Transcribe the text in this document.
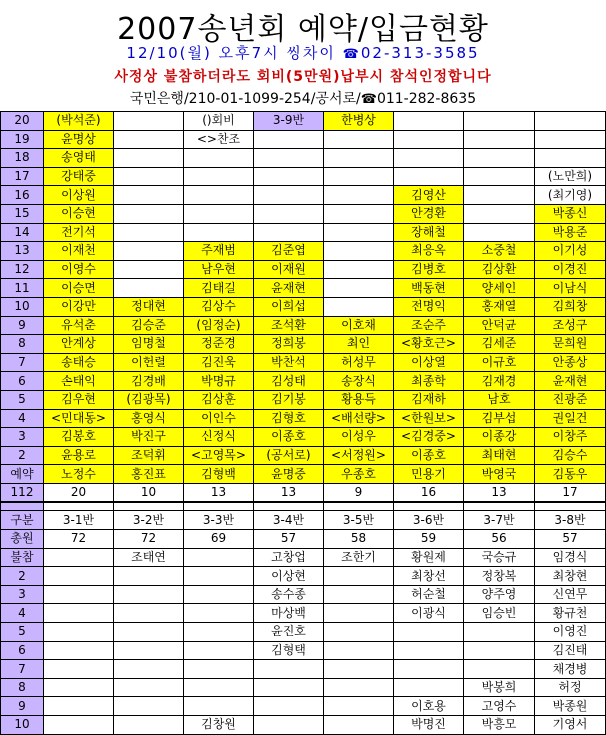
2007송년회 예약/입금현황
12/10(월) 오후7시 씽차이 ☎02-313-3585
사정상 불참하더라도 회비(5만원)납부시 참석인정합니다
국민은행/210-01-1099-254/공서로/☎011-282-8635
20	(박석준)		()회비	3-9반	한병상			
19	윤명상		<>찬조					
18	송영태							
17	강태중							(노만희)
16	이상원					김영산		(최기영)
15	이승현					안경환		박종신
14	전기석					장해철		박용준
13	이재천		주재범	김준엽		최응옥	소중철	이기성
12	이영수		남우현	이재원		김병호	김상환	이경진
11	이승면		김태길	윤재현		백동현	양세인	이남식
10	이강만	정대현	김상수	이희섭		전명익	홍재열	김희창
9	유석춘	김승준	(임정순)	조석환	이호채	조순주	안덕균	조성구
8	안계상	임명철	정준경	정희봉	최인	<황호근>	김세준	문희원
7	송태승	이헌렬	김진욱	박찬석	허성무	이상열	이규호	안종상
6	손태익	김경배	박명규	김성태	송장식	최종학	김재경	윤재현
5	김우현	(김광목)	김상훈	김기봉	황용득	김재하	남호	진광준
4	<민대동>	홍영식	이인수	김형호	<배선량>	<한원보>	김부섭	권일건
3	김봉호	박진구	신정식	이종호	이성우	<김경중>	이종강	이창주
2	윤용로	조덕휘	<고영목>	(공서로)	<서정원>	이종호	최태현	김승수
예약	노정수	홍진표	김형백	윤명중	우종호	민용기	박영국	김동우
112	20	10	13	13	9	16	13	17

구분	3-1반	3-2반	3-3반	3-4반	3-5반	3-6반	3-7반	3-8반
총원	72	72	69	57	58	59	56	57
불참		조태연		고창업	조한기	황원제	국승규	임경식
2				이상현		최창선	정창복	최창현
3				송수종		허순철	양주영	신연무
4				마상백		이광식	임승빈	황규천
5				윤진호				이영진
6				김형택				김진태
7								채경병
8							박봉희	허정
9						이호용	고영수	박종원
10			김창원			박명진	박흥모	기영서
